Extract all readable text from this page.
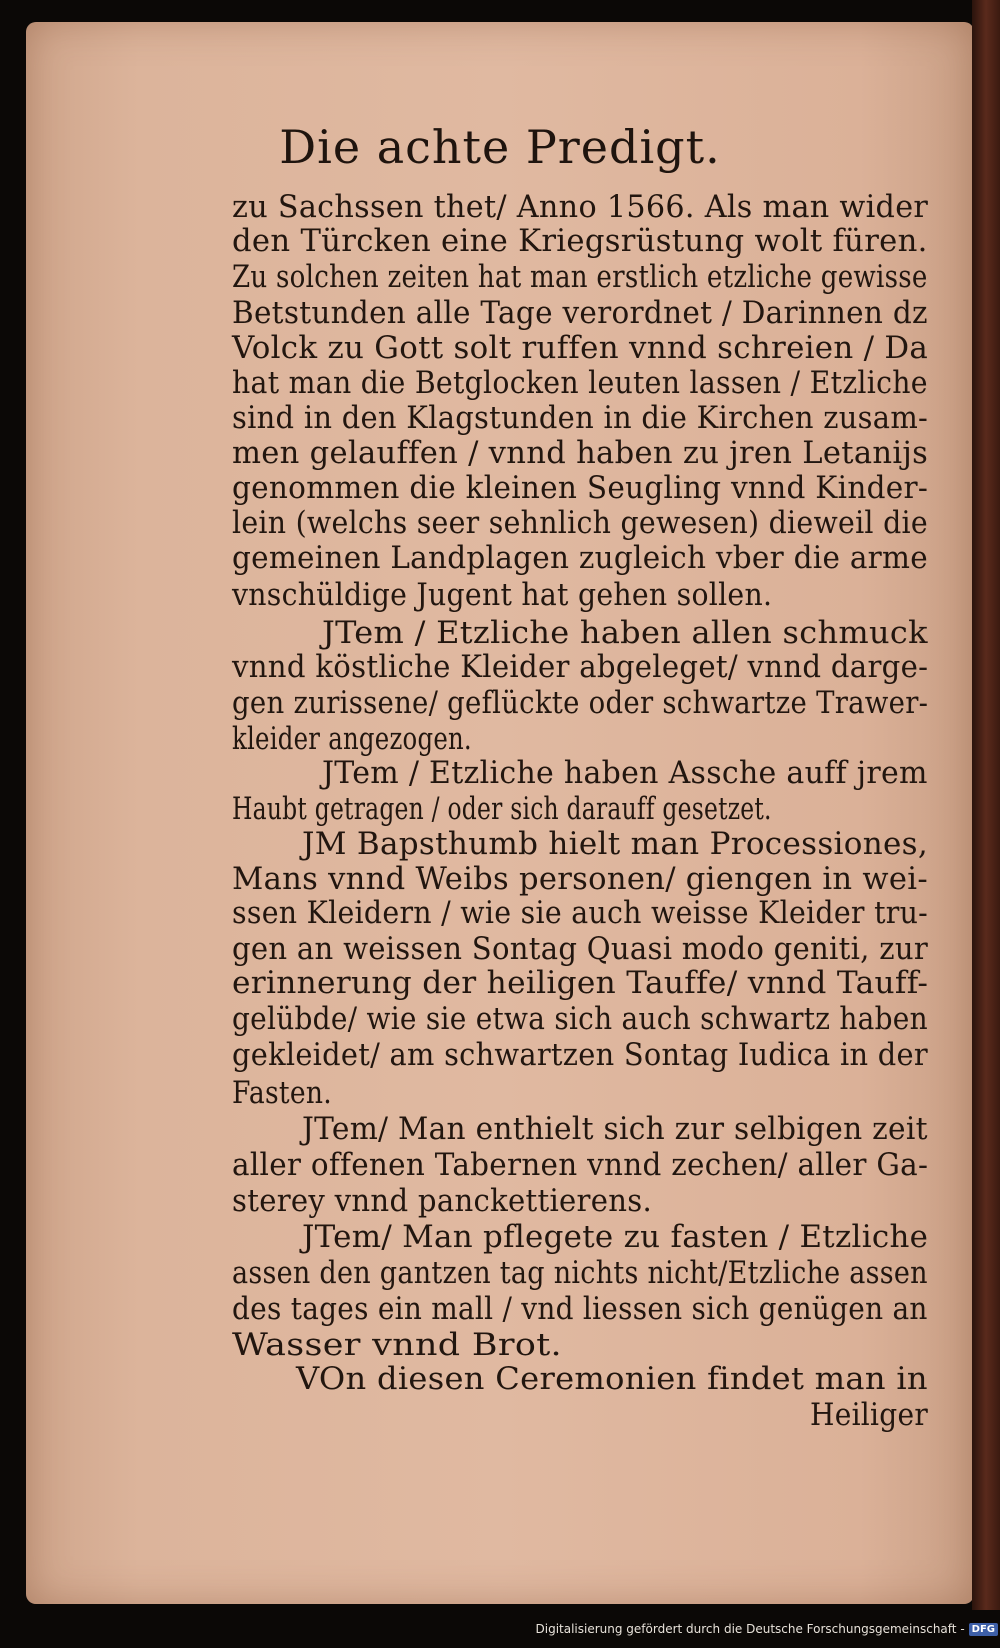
Die achte Predigt.
zu Sachssen thet/ Anno 1566. Als man wider
den Türcken eine Kriegsrüstung wolt füren.
Zu solchen zeiten hat man erstlich etzliche gewisse
Betstunden alle Tage verordnet / Darinnen dz
Volck zu Gott solt ruffen vnnd schreien / Da
hat man die Betglocken leuten lassen / Etzliche
sind in den Klagstunden in die Kirchen zusam-
men gelauffen / vnnd haben zu jren Letanijs
genommen die kleinen Seugling vnnd Kinder-
lein (welchs seer sehnlich gewesen) dieweil die
gemeinen Landplagen zugleich vber die arme
vnschüldige Jugent hat gehen sollen.
JTem / Etzliche haben allen schmuck
vnnd köstliche Kleider abgeleget/ vnnd darge-
gen zurissene/ geflückte oder schwartze Trawer-
kleider angezogen.
JTem / Etzliche haben Assche auff jrem
Haubt getragen / oder sich darauff gesetzet.
JM Bapsthumb hielt man Processiones,
Mans vnnd Weibs personen/ giengen in wei-
ssen Kleidern / wie sie auch weisse Kleider tru-
gen an weissen Sontag Quasi modo geniti, zur
erinnerung der heiligen Tauffe/ vnnd Tauff-
gelübde/ wie sie etwa sich auch schwartz haben
gekleidet/ am schwartzen Sontag Iudica in der
Fasten.
JTem/ Man enthielt sich zur selbigen zeit
aller offenen Tabernen vnnd zechen/ aller Ga-
sterey vnnd panckettierens.
JTem/ Man pflegete zu fasten / Etzliche
assen den gantzen tag nichts nicht/Etzliche assen
des tages ein mall / vnd liessen sich genügen an
Wasser vnnd Brot.
VOn diesen Ceremonien findet man in
Heiliger
Digitalisierung gefördert durch die Deutsche Forschungsgemeinschaft - DFG
